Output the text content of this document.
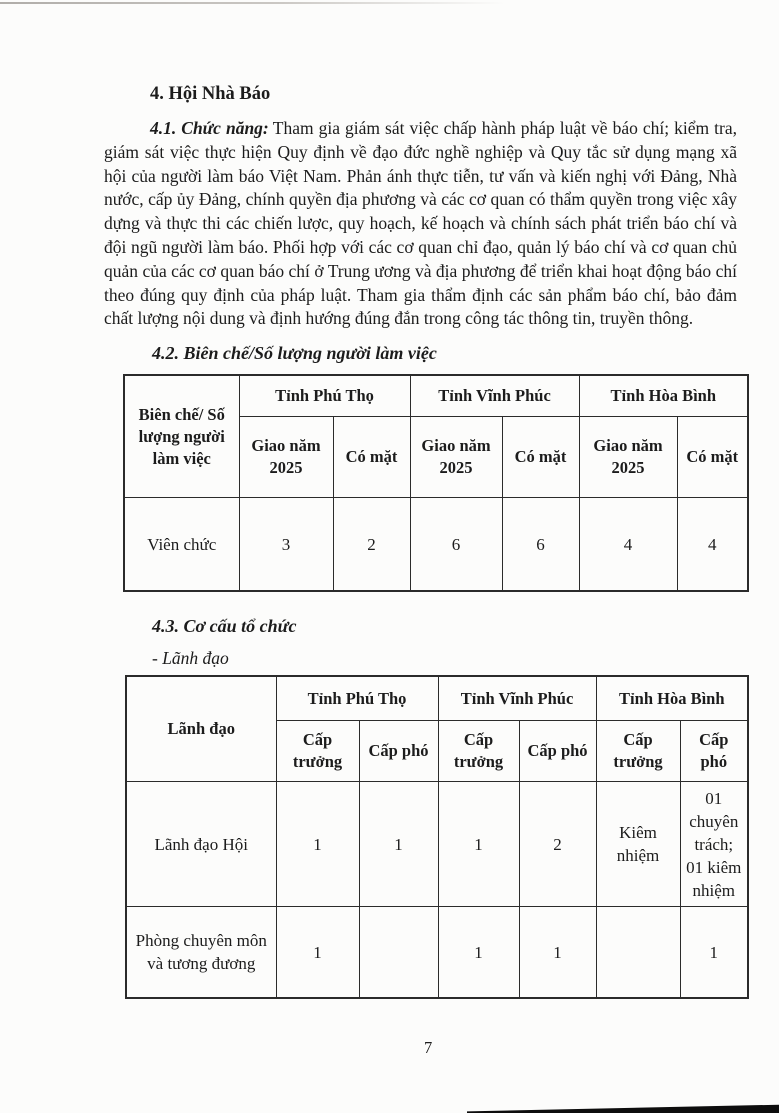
4. Hội Nhà Báo

4.1. Chức năng: Tham gia giám sát việc chấp hành pháp luật về báo chí; kiểm tra, giám sát việc thực hiện Quy định về đạo đức nghề nghiệp và Quy tắc sử dụng mạng xã hội của người làm báo Việt Nam. Phản ánh thực tiễn, tư vấn và kiến nghị với Đảng, Nhà nước, cấp ủy Đảng, chính quyền địa phương và các cơ quan có thẩm quyền trong việc xây dựng và thực thi các chiến lược, quy hoạch, kế hoạch và chính sách phát triển báo chí và đội ngũ người làm báo. Phối hợp với các cơ quan chỉ đạo, quản lý báo chí và cơ quan chủ quản của các cơ quan báo chí ở Trung ương và địa phương để triển khai hoạt động báo chí theo đúng quy định của pháp luật. Tham gia thẩm định các sản phẩm báo chí, bảo đảm chất lượng nội dung và định hướng đúng đắn trong công tác thông tin, truyền thông.

4.2. Biên chế/Số lượng người làm việc
Biên chế/ Số lượng người làm việc	Tỉnh Phú Thọ		Tỉnh Vĩnh Phúc		Tỉnh Hòa Bình	
	Giao năm 2025	Có mặt	Giao năm 2025	Có mặt	Giao năm 2025	Có mặt
Viên chức	3	2	6	6	4	4
4.3. Cơ cấu tổ chức

- Lãnh đạo

Lãnh đạo	Tỉnh Phú Thọ		Tỉnh Vĩnh Phúc		Tỉnh Hòa Bình	
	Cấp trưởng	Cấp phó	Cấp trưởng	Cấp phó	Cấp trưởng	Cấp phó
Lãnh đạo Hội	1	1	1	2	Kiêm nhiệm	01 chuyên trách; 01 kiêm nhiệm
Phòng chuyên môn và tương đương	1		1	1		1
7
